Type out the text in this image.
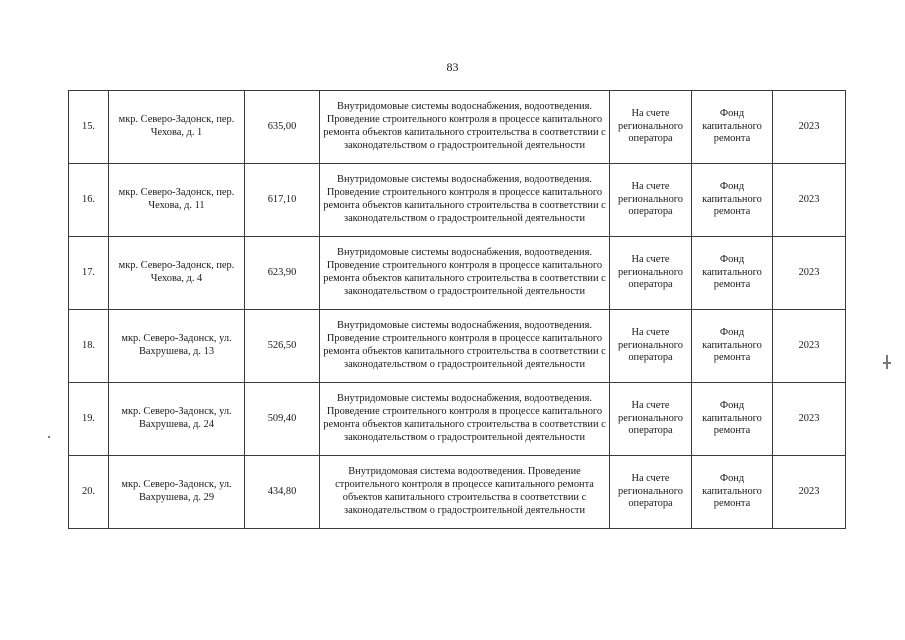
83
15.	мкр. Северо-Задонск, пер. Чехова, д. 1	635,00	Внутридомовые системы водоснабжения, водоотведения. Проведение строительного контроля в процессе капитального ремонта объектов капитального строительства в соответствии с законодательством о градостроительной деятельности	На счете регионального оператора	Фонд капитального ремонта	2023
16.	мкр. Северо-Задонск, пер. Чехова, д. 11	617,10	Внутридомовые системы водоснабжения, водоотведения. Проведение строительного контроля в процессе капитального ремонта объектов капитального строительства в соответствии с законодательством о градостроительной деятельности	На счете регионального оператора	Фонд капитального ремонта	2023
17.	мкр. Северо-Задонск, пер. Чехова, д. 4	623,90	Внутридомовые системы водоснабжения, водоотведения. Проведение строительного контроля в процессе капитального ремонта объектов капитального строительства в соответствии с законодательством о градостроительной деятельности	На счете регионального оператора	Фонд капитального ремонта	2023
18.	мкр. Северо-Задонск, ул. Вахрушева, д. 13	526,50	Внутридомовые системы водоснабжения, водоотведения. Проведение строительного контроля в процессе капитального ремонта объектов капитального строительства в соответствии с законодательством о градостроительной деятельности	На счете регионального оператора	Фонд капитального ремонта	2023
19.	мкр. Северо-Задонск, ул. Вахрушева, д. 24	509,40	Внутридомовые системы водоснабжения, водоотведения. Проведение строительного контроля в процессе капитального ремонта объектов капитального строительства в соответствии с законодательством о градостроительной деятельности	На счете регионального оператора	Фонд капитального ремонта	2023
20.	мкр. Северо-Задонск, ул. Вахрушева, д. 29	434,80	Внутридомовая система водоотведения. Проведение строительного контроля в процессе капитального ремонта объектов капитального строительства в соответствии с законодательством о градостроительной деятельности	На счете регионального оператора	Фонд капитального ремонта	2023
